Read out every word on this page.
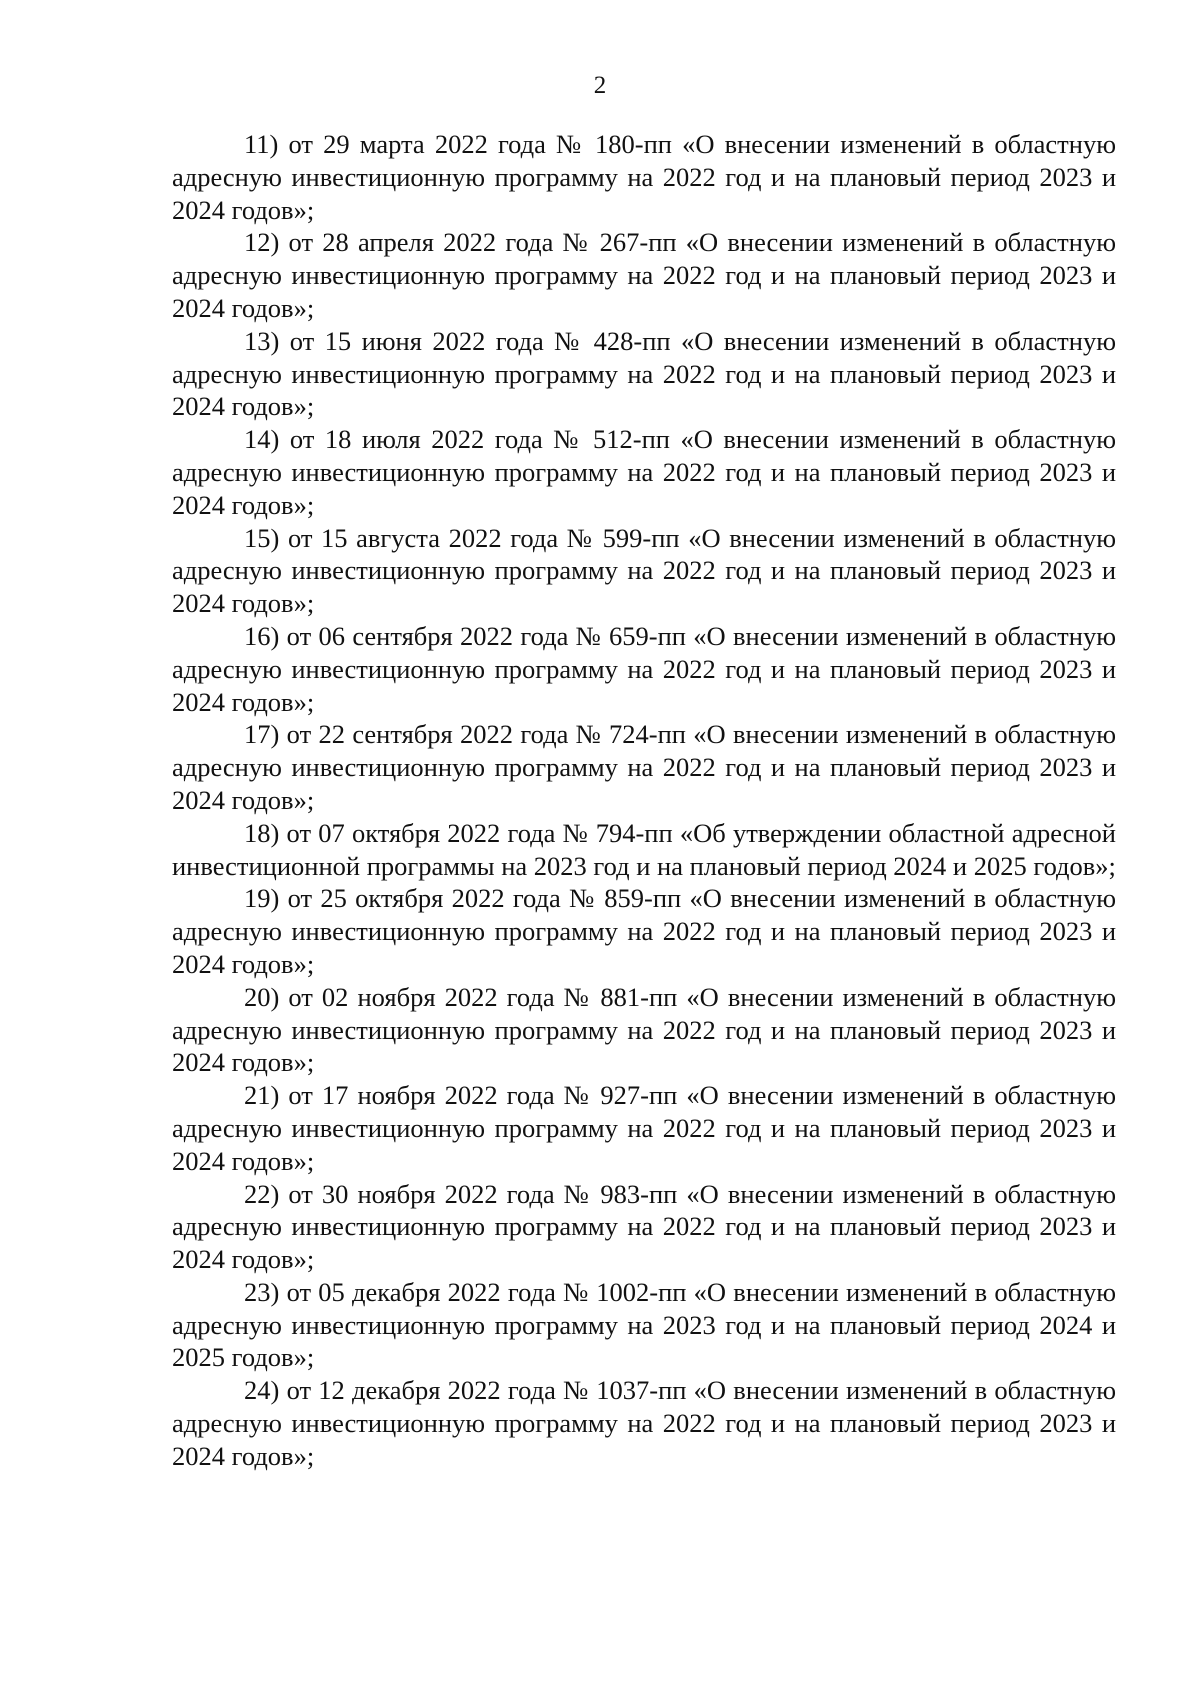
2

11) от 29 марта 2022 года № 180-пп «О внесении изменений в областную адресную инвестиционную программу на 2022 год и на плановый период 2023 и 2024 годов»;

12) от 28 апреля 2022 года № 267-пп «О внесении изменений в областную адресную инвестиционную программу на 2022 год и на плановый период 2023 и 2024 годов»;

13) от 15 июня 2022 года № 428-пп «О внесении изменений в областную адресную инвестиционную программу на 2022 год и на плановый период 2023 и 2024 годов»;

14) от 18 июля 2022 года № 512-пп «О внесении изменений в областную адресную инвестиционную программу на 2022 год и на плановый период 2023 и 2024 годов»;

15) от 15 августа 2022 года № 599-пп «О внесении изменений в областную адресную инвестиционную программу на 2022 год и на плановый период 2023 и 2024 годов»;

16) от 06 сентября 2022 года № 659-пп «О внесении изменений в областную адресную инвестиционную программу на 2022 год и на плановый период 2023 и 2024 годов»;

17) от 22 сентября 2022 года № 724-пп «О внесении изменений в областную адресную инвестиционную программу на 2022 год и на плановый период 2023 и 2024 годов»;

18) от 07 октября 2022 года № 794-пп «Об утверждении областной адресной инвестиционной программы на 2023 год и на плановый период 2024 и 2025 годов»;

19) от 25 октября 2022 года № 859-пп «О внесении изменений в областную адресную инвестиционную программу на 2022 год и на плановый период 2023 и 2024 годов»;

20) от 02 ноября 2022 года № 881-пп «О внесении изменений в областную адресную инвестиционную программу на 2022 год и на плановый период 2023 и 2024 годов»;

21) от 17 ноября 2022 года № 927-пп «О внесении изменений в областную адресную инвестиционную программу на 2022 год и на плановый период 2023 и 2024 годов»;

22) от 30 ноября 2022 года № 983-пп «О внесении изменений в областную адресную инвестиционную программу на 2022 год и на плановый период 2023 и 2024 годов»;

23) от 05 декабря 2022 года № 1002-пп «О внесении изменений в областную адресную инвестиционную программу на 2023 год и на плановый период 2024 и 2025 годов»;

24) от 12 декабря 2022 года № 1037-пп «О внесении изменений в областную адресную инвестиционную программу на 2022 год и на плановый период 2023 и 2024 годов»;
